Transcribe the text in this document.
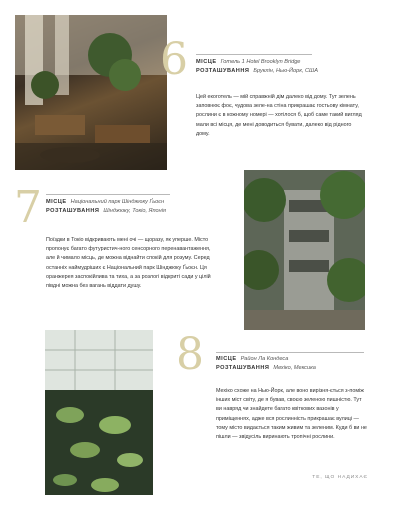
6 МІСЦЕ Готель 1 Hotel Brooklyn Bridge
РОЗТАШУВАННЯ Бруклін, Нью-Йорк, США

Цей екоготель — мій справжній дім далеко від дому. Тут зелень заповнює фоє, чудова зеле-на стіна прикрашає гостьову кімнату, рослини є в кожному номері — хотілося б, щоб саме такий вигляд мали всі місця, де мені доводиться бувати, далеко від рідного дому.

7 МІСЦЕ Національний парк Шінджюку Ґьоєн
РОЗТАШУВАННЯ Шінджюку, Токіо, Японія

Поїздки в Токіо відкривають мені очі — щоразу, як уперше. Місто пропонує багато футуристич-ного сенсорного перенавантаження, але й чимало місць, де можна віднайти спокій для розуму. Серед останніх наймудріших є Національний парк Шінджюку Ґьоєн. Ця оранжерея заспокійлива та тиха, а за розлогі відкриті сади у цілій півдні можна без вагань віддати душу.

8 МІСЦЕ Район Ла Кондеса
РОЗТАШУВАННЯ Мехіко, Мексика

Мехіко схоже на Нью-Йорк, але воно вирізня-ється з-поміж інших міст світу, де я бував, своєю зеленою пишністю. Тут ви навряд чи знайдете багато квіткових вазонів у приміщеннях, адже вся рослинність прикрашає вулиці — тому місто видається таким живим та зеленим. Куди б ви не пішли — звідусіль виринають тропічні рослини.

ТЕ, ЩО НАДИХАЄ
